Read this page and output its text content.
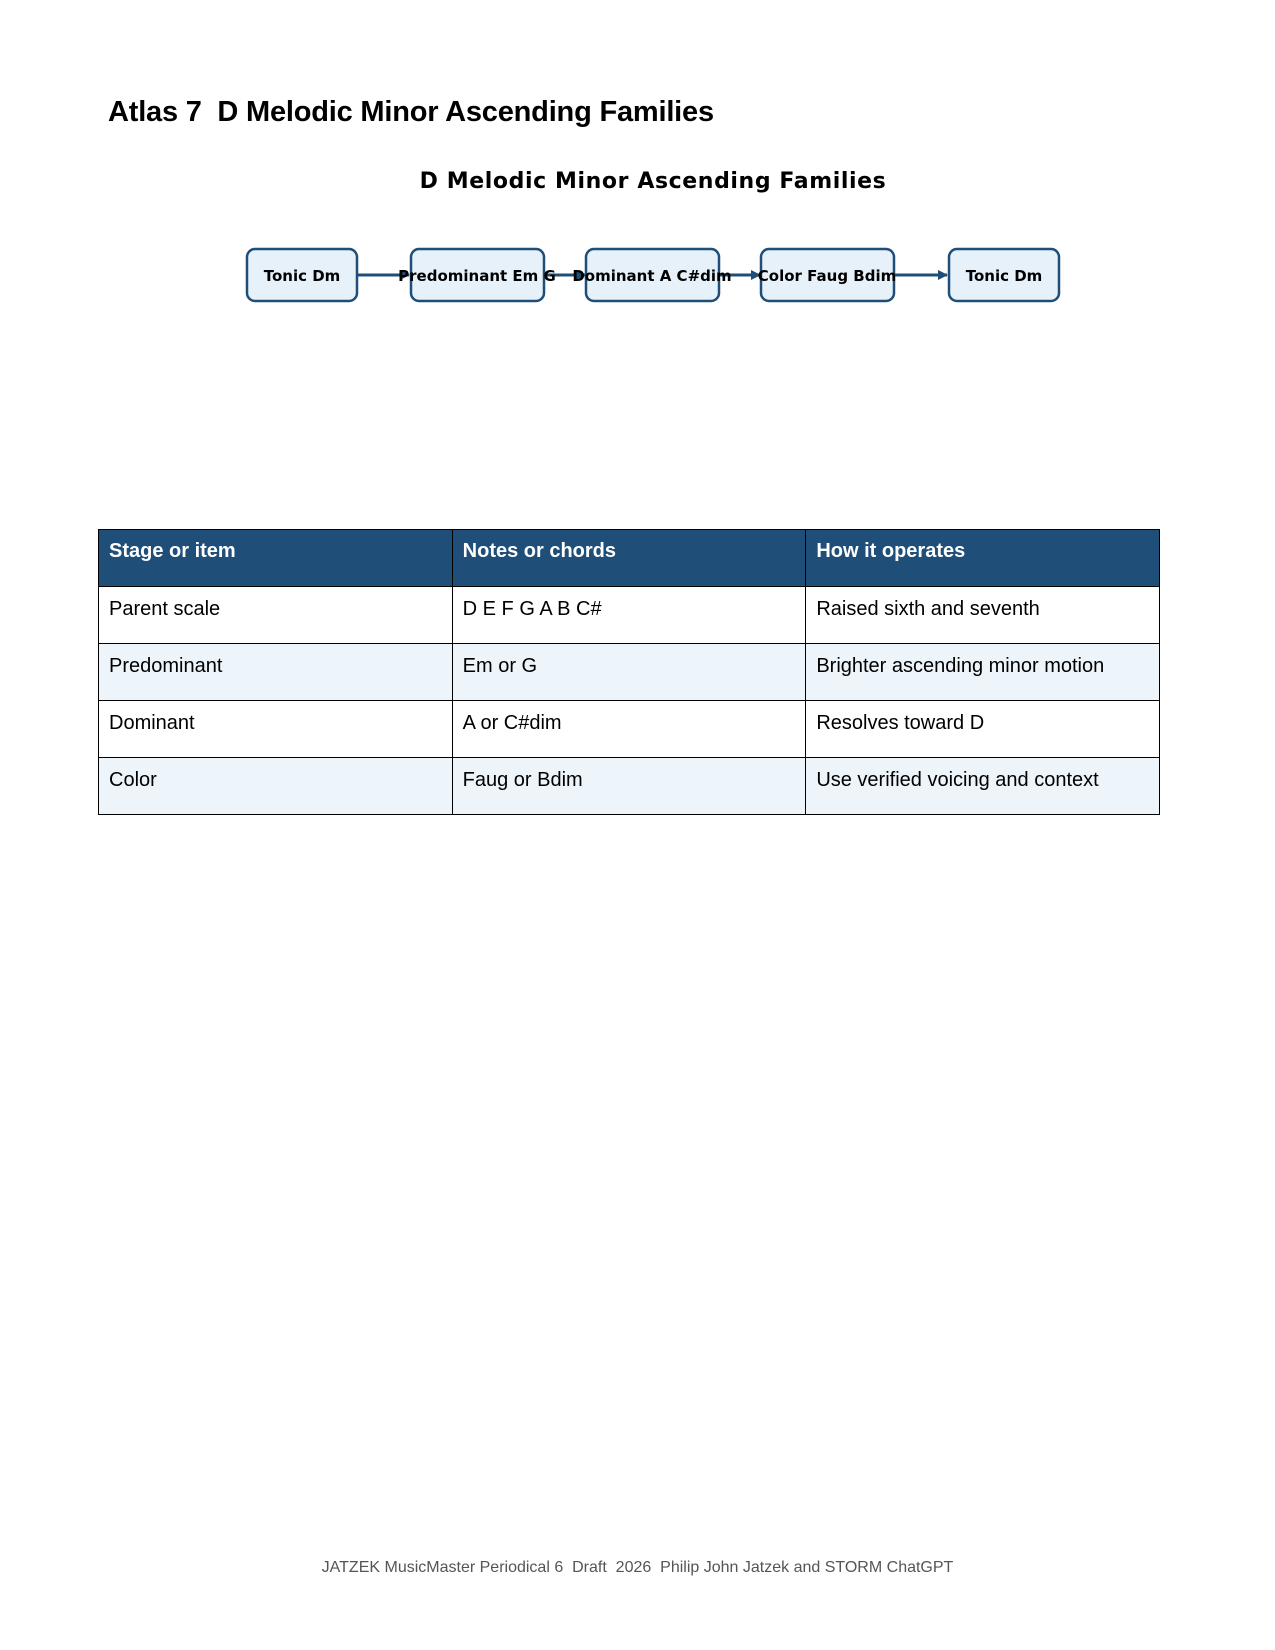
Atlas 7  D Melodic Minor Ascending Families
D Melodic Minor Ascending Families
Tonic Dm	Predominant Em G Dominant A C#dim Color Faug Bdim	Tonic Dm
Stage or item	Notes or chords	How it operates
Parent scale	D E F G A B C#	Raised sixth and seventh
Predominant	Em or G	Brighter ascending minor motion
Dominant	A or C#dim	Resolves toward D
Color	Faug or Bdim	Use verified voicing and context
JATZEK MusicMaster Periodical 6  Draft  2026  Philip John Jatzek and STORM ChatGPT
